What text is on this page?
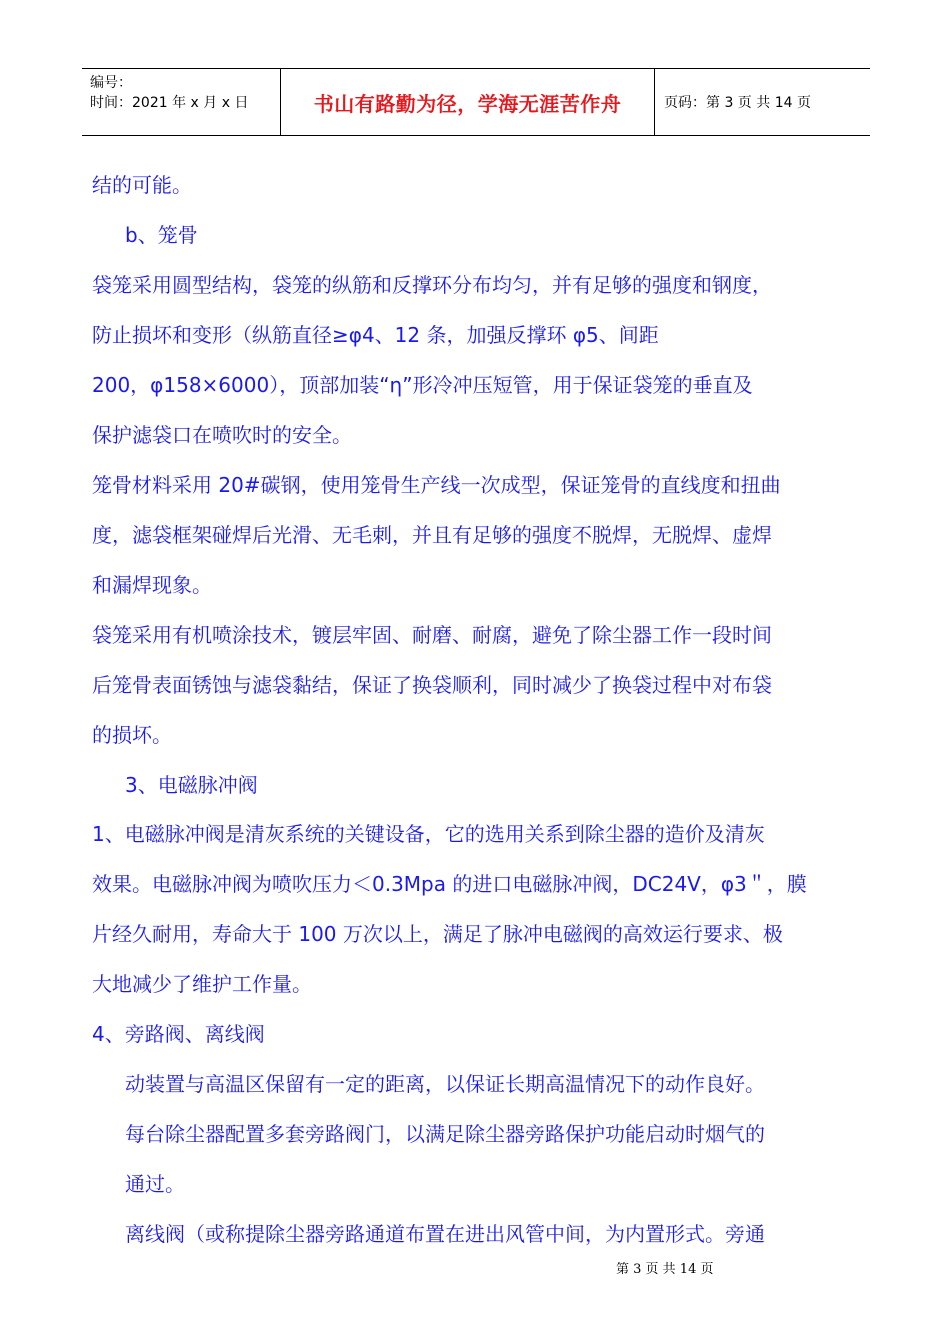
编号：
时间：2021 年 x 月 x 日	书山有路勤为径，学海无涯苦作舟	页码：第 3 页 共 14 页
结的可能。
b、笼骨
袋笼采用圆型结构，袋笼的纵筋和反撑环分布均匀，并有足够的强度和钢度，
防止损坏和变形（纵筋直径≥φ4、12 条，加强反撑环 φ5、间距
200，φ158×6000），顶部加装“η”形冷冲压短管，用于保证袋笼的垂直及
保护滤袋口在喷吹时的安全。
笼骨材料采用 20#碳钢，使用笼骨生产线一次成型，保证笼骨的直线度和扭曲
度，滤袋框架碰焊后光滑、无毛刺，并且有足够的强度不脱焊，无脱焊、虚焊
和漏焊现象。
袋笼采用有机喷涂技术，镀层牢固、耐磨、耐腐，避免了除尘器工作一段时间
后笼骨表面锈蚀与滤袋黏结，保证了换袋顺利，同时减少了换袋过程中对布袋
的损坏。
3、电磁脉冲阀
1、电磁脉冲阀是清灰系统的关键设备，它的选用关系到除尘器的造价及清灰
效果。电磁脉冲阀为喷吹压力＜0.3Mpa 的进口电磁脉冲阀，DC24V，φ3＂，膜
片经久耐用，寿命大于 100 万次以上，满足了脉冲电磁阀的高效运行要求、极
大地减少了维护工作量。
4、旁路阀、离线阀
动装置与高温区保留有一定的距离，以保证长期高温情况下的动作良好。
每台除尘器配置多套旁路阀门，以满足除尘器旁路保护功能启动时烟气的
通过。
离线阀（或称提除尘器旁路通道布置在进出风管中间，为内置形式。旁通
第 3 页 共 14 页
